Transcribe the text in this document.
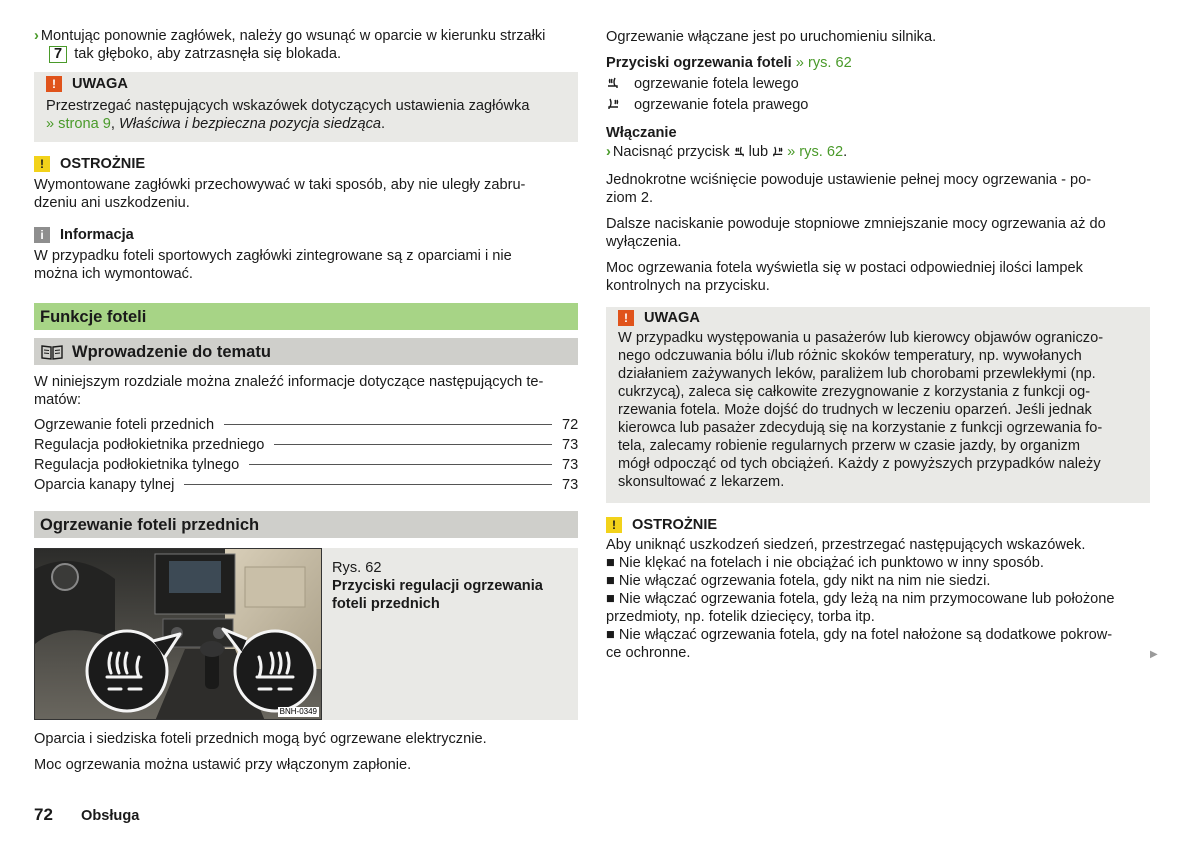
› Montując ponownie zagłówek, należy go wsunąć w oparcie w kierunku strzałki
!	UWAGA
Przestrzegać następujących wskazówek dotyczących ustawienia zagłówka
» strona 9, Właściwa i bezpieczna pozycja siedząca.
!	OSTROŻNIE
Wymontowane zagłówki przechowywać w taki sposób, aby nie uległy zabru-
dzeniu ani uszkodzeniu.
i	Informacja
W przypadku foteli sportowych zagłówki zintegrowane są z oparciami i nie
można ich wymontować.
Funkcje foteli
Wprowadzenie do tematu
W niniejszym rozdziale można znaleźć informacje dotyczące następujących te-
matów:
Ogrzewanie foteli przednich	72
Regulacja podłokietnika przedniego	73
Regulacja podłokietnika tylnego	73
Oparcia kanapy tylnej	73
Ogrzewanie foteli przednich
BNH-0349
Rys. 62
Przyciski regulacji ogrzewania
foteli przednich
Oparcia i siedziska foteli przednich mogą być ogrzewane elektrycznie.
Moc ogrzewania można ustawić przy włączonym zapłonie.
72 Obsługa
7 tak głęboko, aby zatrzasnęła się blokada.
Ogrzewanie włączane jest po uruchomieniu silnika.
Przyciski ogrzewania foteli » rys. 62
ogrzewanie fotela lewego
ogrzewanie fotela prawego
Włączanie
› Nacisnąć przycisk lub » rys. 62 .
Jednokrotne wciśnięcie powoduje ustawienie pełnej mocy ogrzewania - po-
ziom 2.
Dalsze naciskanie powoduje stopniowe zmniejszanie mocy ogrzewania aż do
wyłączenia.
Moc ogrzewania fotela wyświetla się w postaci odpowiedniej ilości lampek
kontrolnych na przycisku.
!	UWAGA
W przypadku występowania u pasażerów lub kierowcy objawów ograniczo-
nego odczuwania bólu i/lub różnic skoków temperatury, np. wywołanych
działaniem zażywanych leków, paraliżem lub chorobami przewlekłymi (np.
cukrzycą), zaleca się całkowite zrezygnowanie z korzystania z funkcji og-
rzewania fotela. Może dojść do trudnych w leczeniu oparzeń. Jeśli jednak
kierowca lub pasażer zdecydują się na korzystanie z funkcji ogrzewania fo-
tela, zalecamy robienie regularnych przerw w czasie jazdy, by organizm
mógł odpocząć od tych obciążeń. Każdy z powyższych przypadków należy
skonsultować z lekarzem.
!	OSTROŻNIE
Aby uniknąć uszkodzeń siedzeń, przestrzegać następujących wskazówek.
■ Nie klękać na fotelach i nie obciążać ich punktowo w inny sposób.
■ Nie włączać ogrzewania fotela, gdy nikt na nim nie siedzi.
■ Nie włączać ogrzewania fotela, gdy leżą na nim przymocowane lub położone
przedmioty, np. fotelik dziecięcy, torba itp.
■ Nie włączać ogrzewania fotela, gdy na fotel nałożone są dodatkowe pokrow-
ce ochronne.	▶
